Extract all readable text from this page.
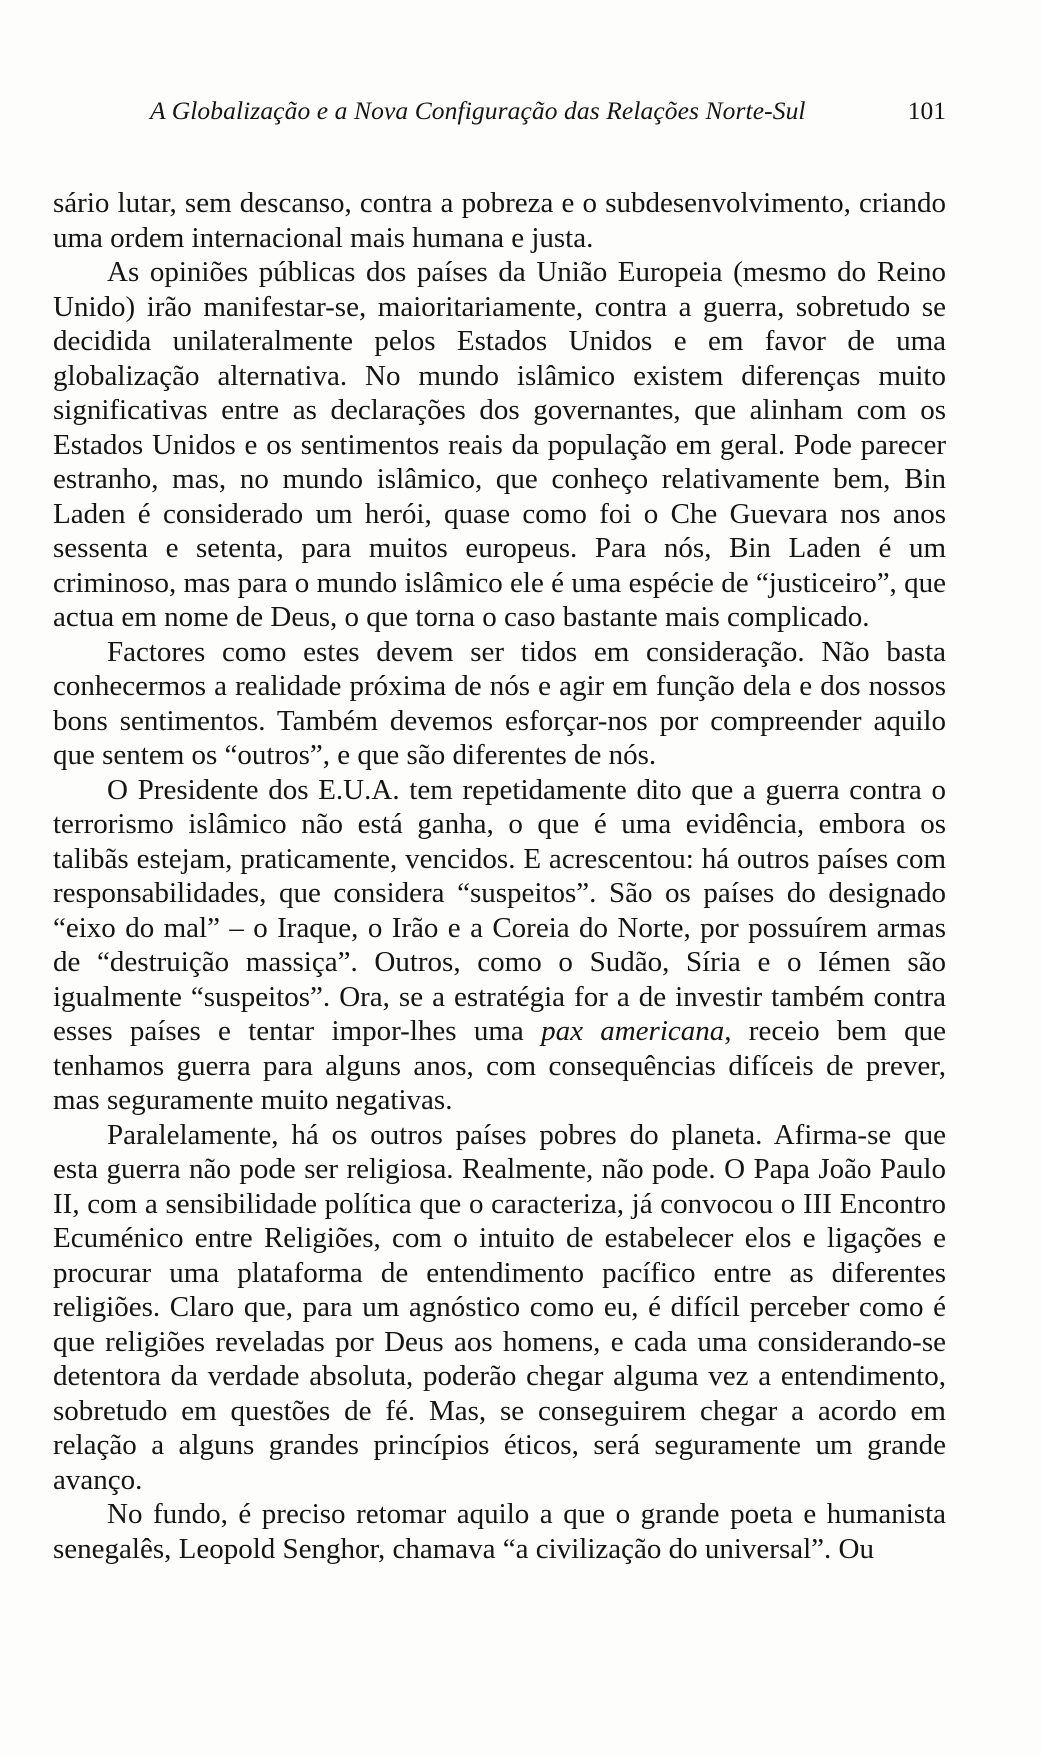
A Globalização e a Nova Configuração das Relações Norte-Sul	101

sário lutar, sem descanso, contra a pobreza e o subdesenvolvimento, criando uma ordem internacional mais humana e justa.

As opiniões públicas dos países da União Europeia (mesmo do Reino Unido) irão manifestar-se, maioritariamente, contra a guerra, sobretudo se decidida unilateralmente pelos Estados Unidos e em favor de uma globalização alternativa. No mundo islâmico existem diferenças muito significativas entre as declarações dos governantes, que alinham com os Estados Unidos e os sentimentos reais da população em geral. Pode parecer estranho, mas, no mundo islâmico, que conheço relativamente bem, Bin Laden é considerado um herói, quase como foi o Che Guevara nos anos sessenta e setenta, para muitos europeus. Para nós, Bin Laden é um criminoso, mas para o mundo islâmico ele é uma espécie de “justiceiro”, que actua em nome de Deus, o que torna o caso bastante mais complicado.

Factores como estes devem ser tidos em consideração. Não basta conhecermos a realidade próxima de nós e agir em função dela e dos nossos bons sentimentos. Também devemos esforçar-nos por compreender aquilo que sentem os “outros”, e que são diferentes de nós.

O Presidente dos E.U.A. tem repetidamente dito que a guerra contra o terrorismo islâmico não está ganha, o que é uma evidência, embora os talibãs estejam, praticamente, vencidos. E acrescentou: há outros países com responsabilidades, que considera “suspeitos”. São os países do designado “eixo do mal” – o Iraque, o Irão e a Coreia do Norte, por possuírem armas de “destruição massiça”. Outros, como o Sudão, Síria e o Iémen são igualmente “suspeitos”. Ora, se a estratégia for a de investir também contra esses países e tentar impor-lhes uma pax americana, receio bem que tenhamos guerra para alguns anos, com consequências difíceis de prever, mas seguramente muito negativas.

Paralelamente, há os outros países pobres do planeta. Afirma-se que esta guerra não pode ser religiosa. Realmente, não pode. O Papa João Paulo II, com a sensibilidade política que o caracteriza, já convocou o III Encontro Ecuménico entre Religiões, com o intuito de estabelecer elos e ligações e procurar uma plataforma de entendimento pacífico entre as diferentes religiões. Claro que, para um agnóstico como eu, é difícil perceber como é que religiões reveladas por Deus aos homens, e cada uma considerando-se detentora da verdade absoluta, poderão chegar alguma vez a entendimento, sobretudo em questões de fé. Mas, se conseguirem chegar a acordo em relação a alguns grandes princípios éticos, será seguramente um grande avanço.

No fundo, é preciso retomar aquilo a que o grande poeta e humanista senegalês, Leopold Senghor, chamava “a civilização do universal”. Ou
